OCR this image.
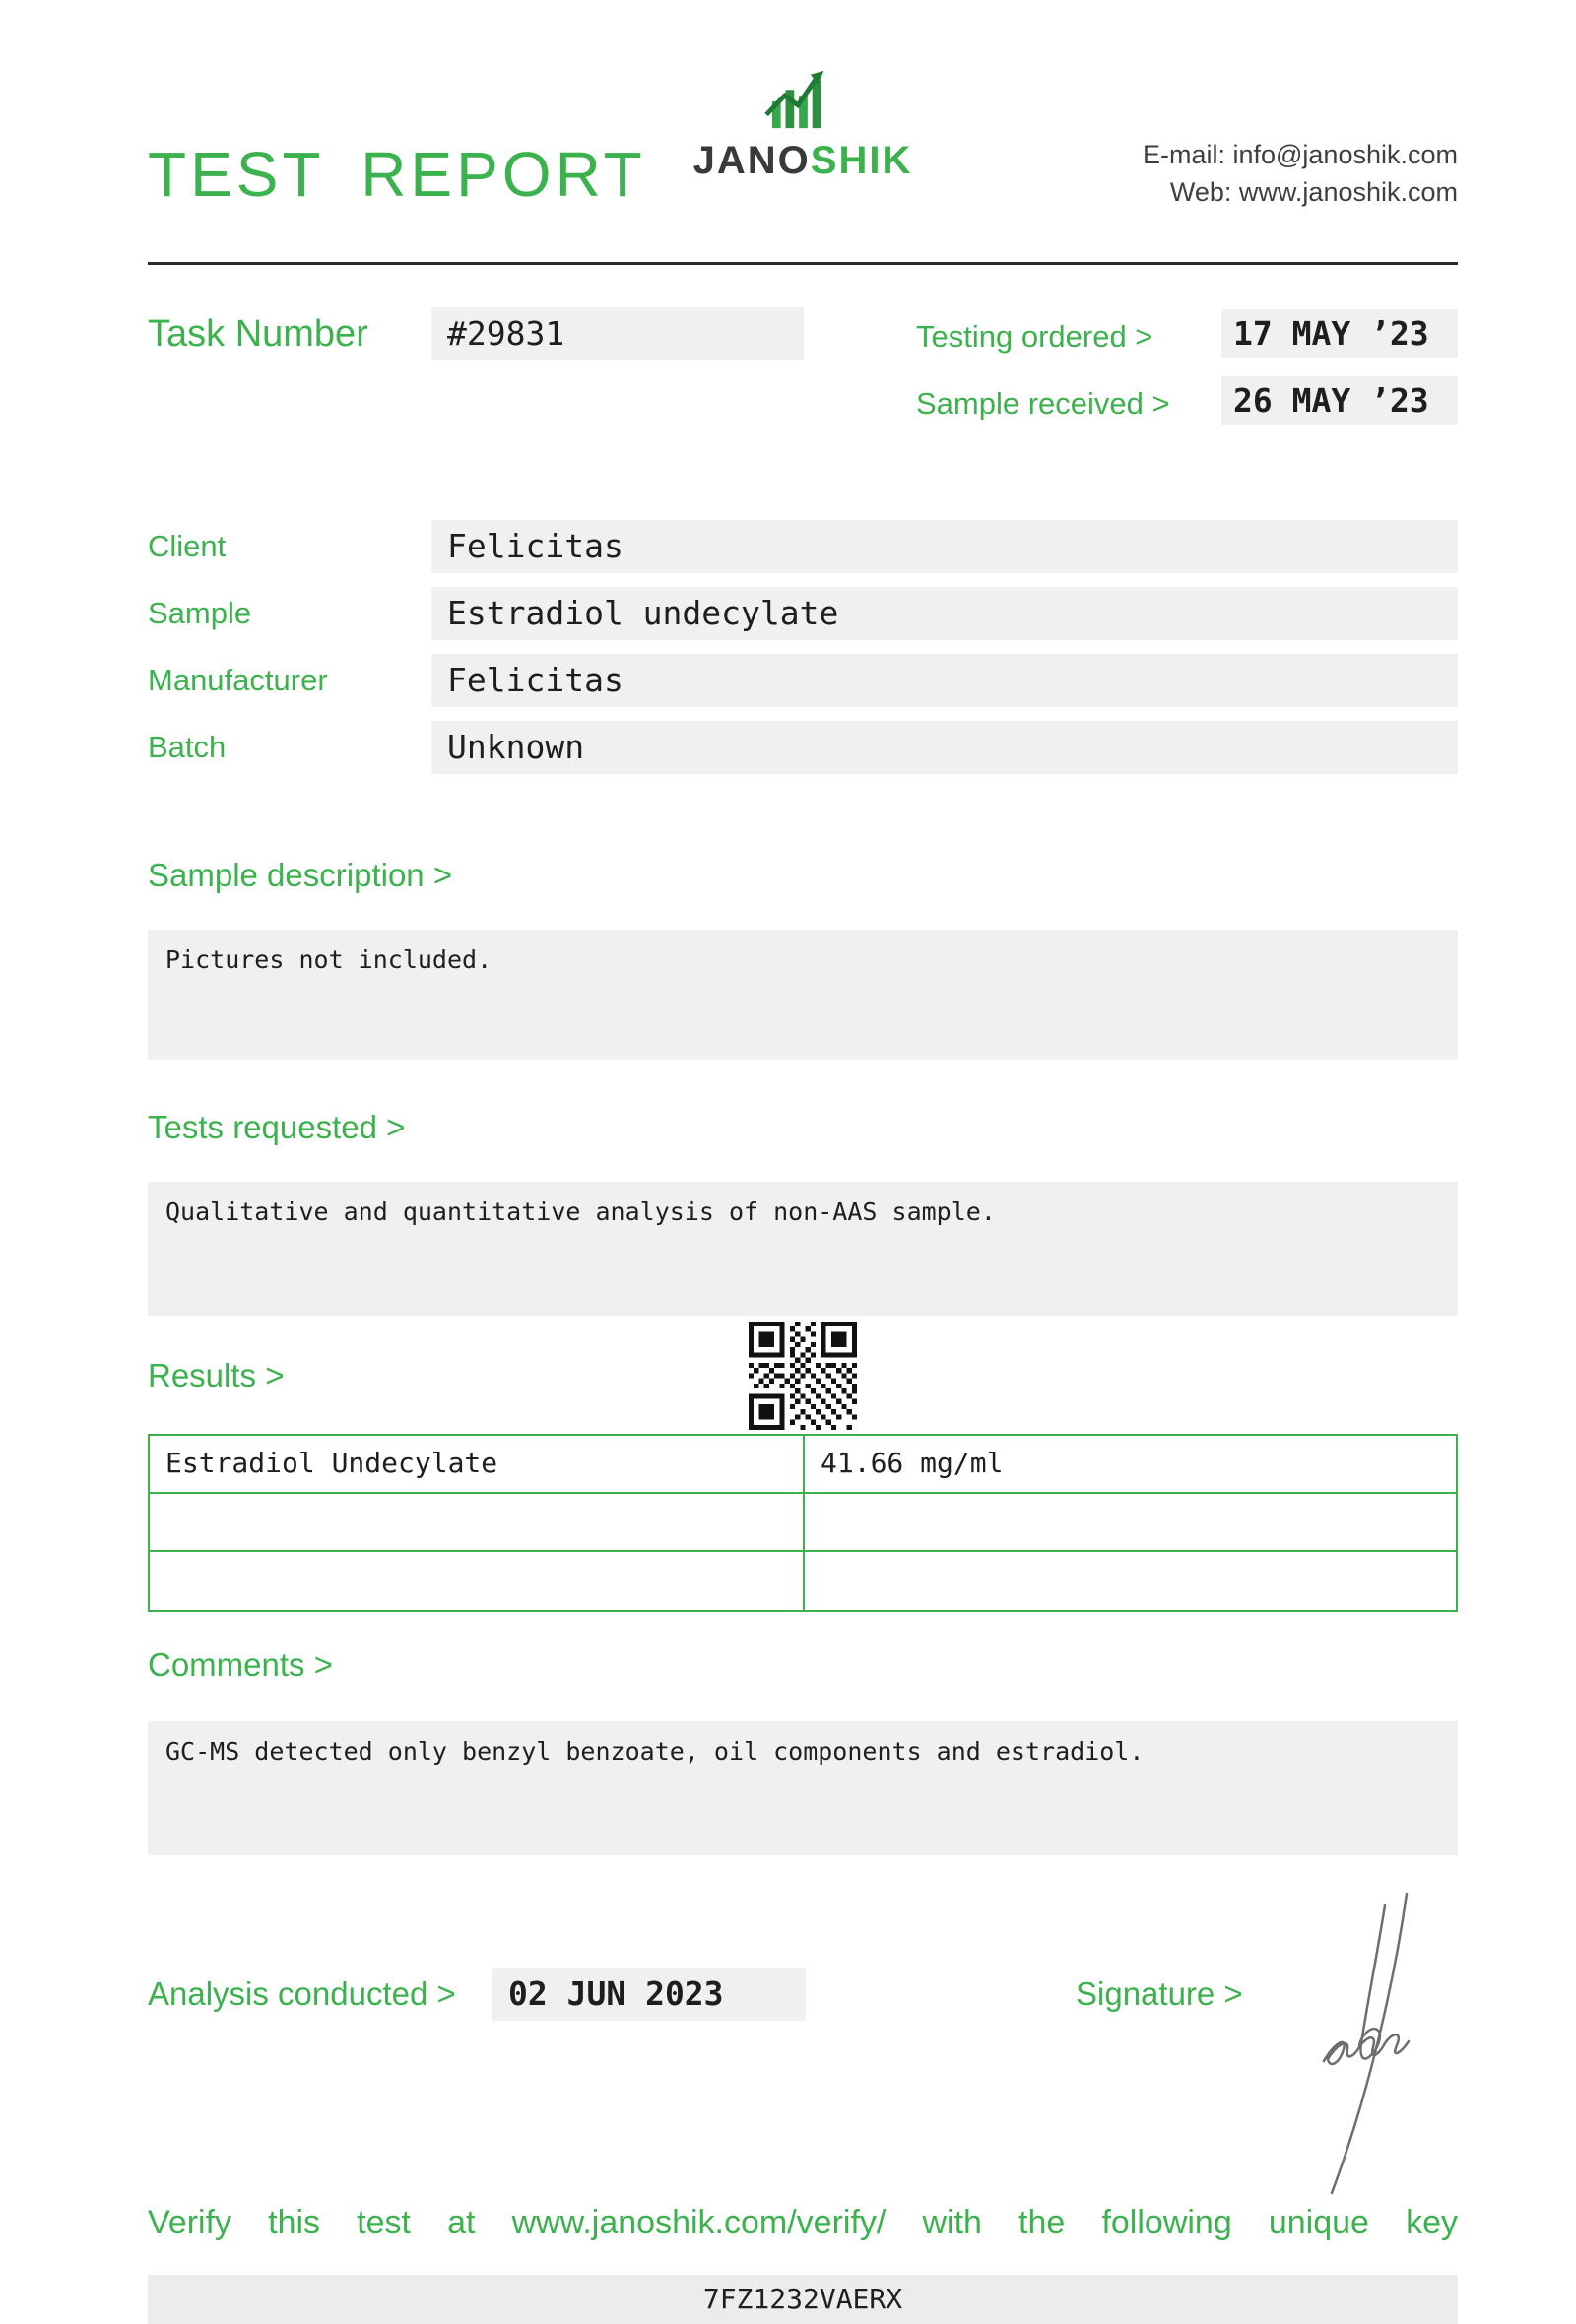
TEST REPORT	JANOSHIK	E-mail: info@janoshik.com
Web: www.janoshik.com
Task Number	#29831	Testing ordered >	17 MAY ’23
Sample received >	26 MAY ’23
Client	Felicitas
Sample	Estradiol undecylate
Manufacturer	Felicitas
Batch	Unknown
Sample description >
Pictures not included.
Tests requested >
Qualitative and quantitative analysis of non-AAS sample.
Results >
Estradiol Undecylate	41.66 mg/ml
Comments >
GC-MS detected only benzyl benzoate, oil components and estradiol.
Analysis conducted >	02 JUN 2023	Signature >
Verify this test at www.janoshik.com/verify/ with the following unique key
7FZ1232VAERX
